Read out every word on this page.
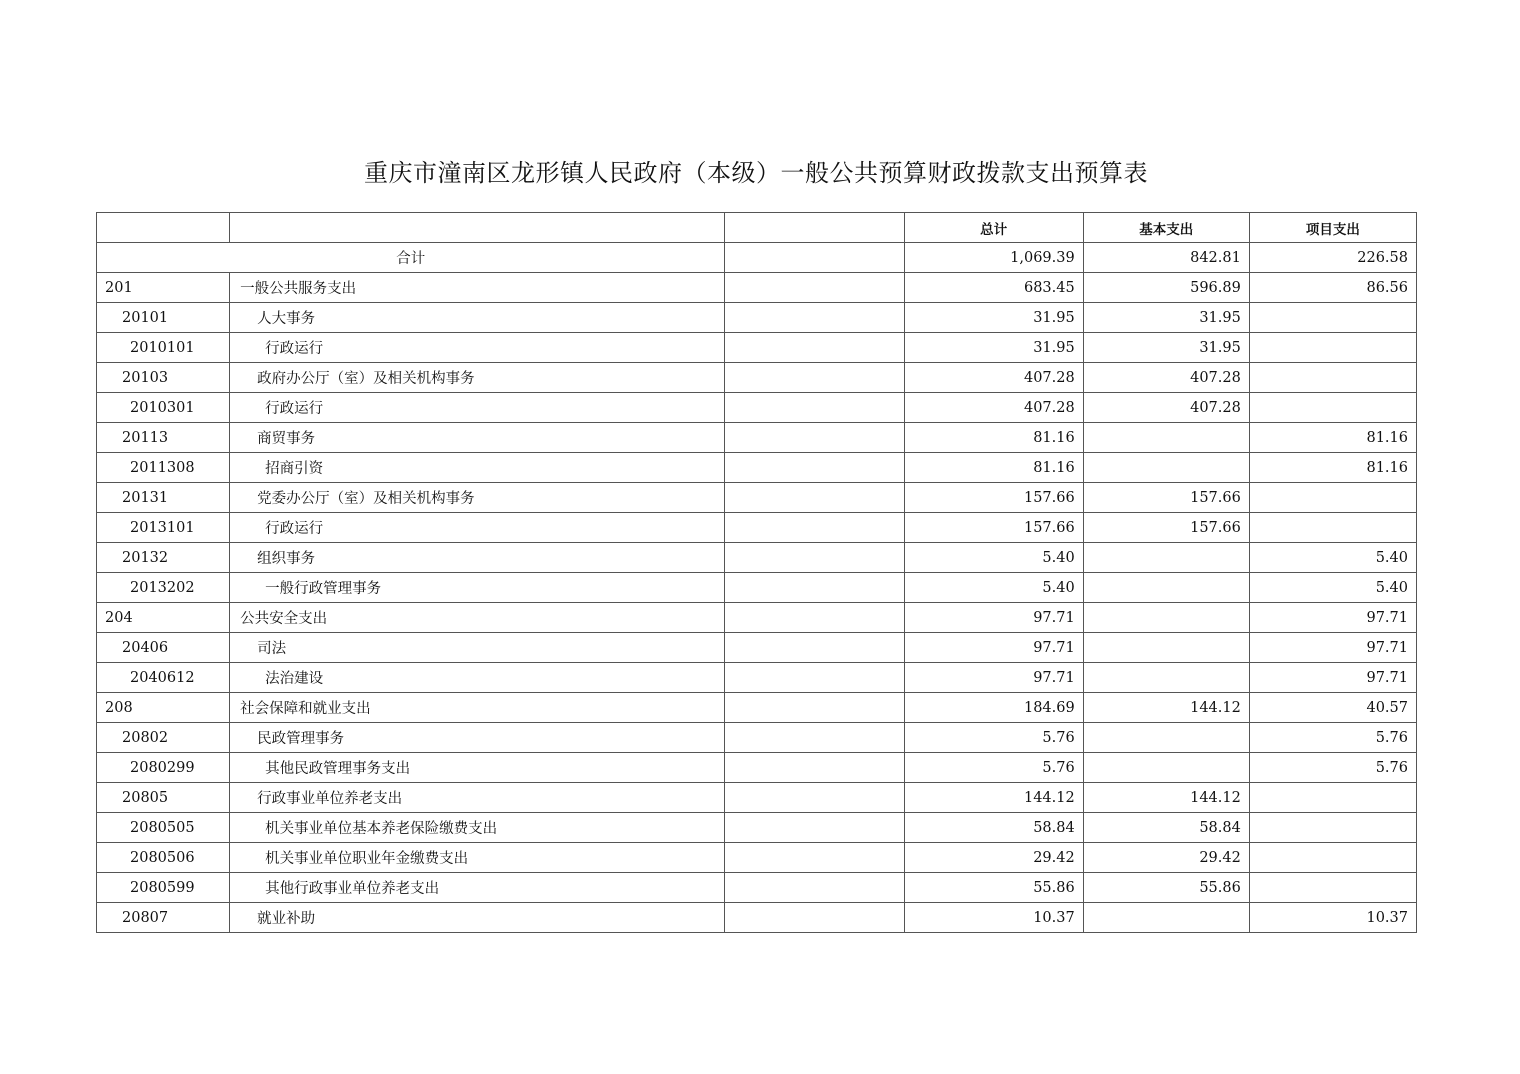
重庆市潼南区龙形镇人民政府（本级）一般公共预算财政拨款支出预算表
			总计	基本支出	项目支出
合计			1,069.39	842.81	226.58
201	一般公共服务支出		683.45	596.89	86.56
20101	人大事务		31.95	31.95	
2010101	行政运行		31.95	31.95	
20103	政府办公厅（室）及相关机构事务		407.28	407.28	
2010301	行政运行		407.28	407.28	
20113	商贸事务		81.16		81.16
2011308	招商引资		81.16		81.16
20131	党委办公厅（室）及相关机构事务		157.66	157.66	
2013101	行政运行		157.66	157.66	
20132	组织事务		5.40		5.40
2013202	一般行政管理事务		5.40		5.40
204	公共安全支出		97.71		97.71
20406	司法		97.71		97.71
2040612	法治建设		97.71		97.71
208	社会保障和就业支出		184.69	144.12	40.57
20802	民政管理事务		5.76		5.76
2080299	其他民政管理事务支出		5.76		5.76
20805	行政事业单位养老支出		144.12	144.12	
2080505	机关事业单位基本养老保险缴费支出		58.84	58.84	
2080506	机关事业单位职业年金缴费支出		29.42	29.42	
2080599	其他行政事业单位养老支出		55.86	55.86	
20807	就业补助		10.37		10.37
